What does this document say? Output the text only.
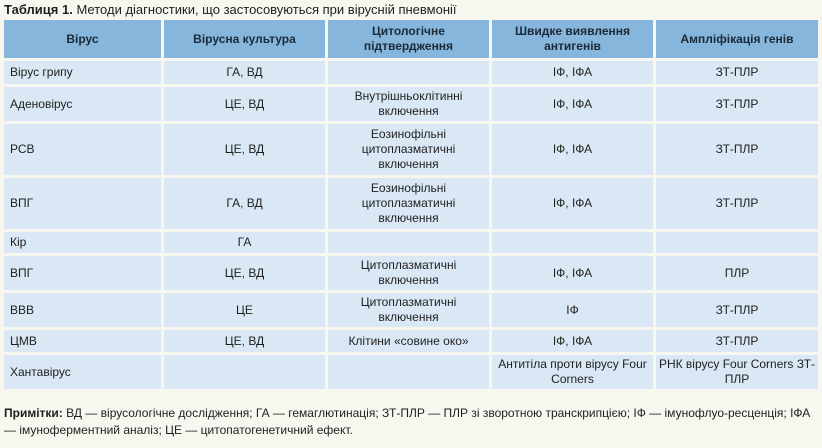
Таблиця 1. Методи діагностики, що застосовуються при вірусній пневмонії
Вірус	Вірусна культура	Цитологічне підтвердження	Швидке виявлення антигенів	Ампліфікація генів
Вірус грипу	ГА, ВД		ІФ, ІФА	ЗТ-ПЛР
Аденовірус	ЦЕ, ВД	Внутрішньоклітинні включення	ІФ, ІФА	ЗТ-ПЛР
РСВ	ЦЕ, ВД	Еозинофільні цитоплазматичні включення	ІФ, ІФА	ЗТ-ПЛР
ВПГ	ГА, ВД	Еозинофільні цитоплазматичні включення	ІФ, ІФА	ЗТ-ПЛР
Кір	ГА			
ВПГ	ЦЕ, ВД	Цитоплазматичні включення	ІФ, ІФА	ПЛР
ВВВ	ЦЕ	Цитоплазматичні включення	ІФ	ЗТ-ПЛР
ЦМВ	ЦЕ, ВД	Клітини «совине око»	ІФ, ІФА	ЗТ-ПЛР
Хантавірус			Антитіла проти вірусу Four Corners	РНК вірусу Four Corners ЗТ-ПЛР
Примітки: ВД — вірусологічне дослідження; ГА — гемаглютинація; ЗТ-ПЛР — ПЛР зі зворотною транскрипцією; ІФ — імунофлуо-ресценція; ІФА — імуноферментний аналіз; ЦЕ — цитопатогенетичний ефект.
